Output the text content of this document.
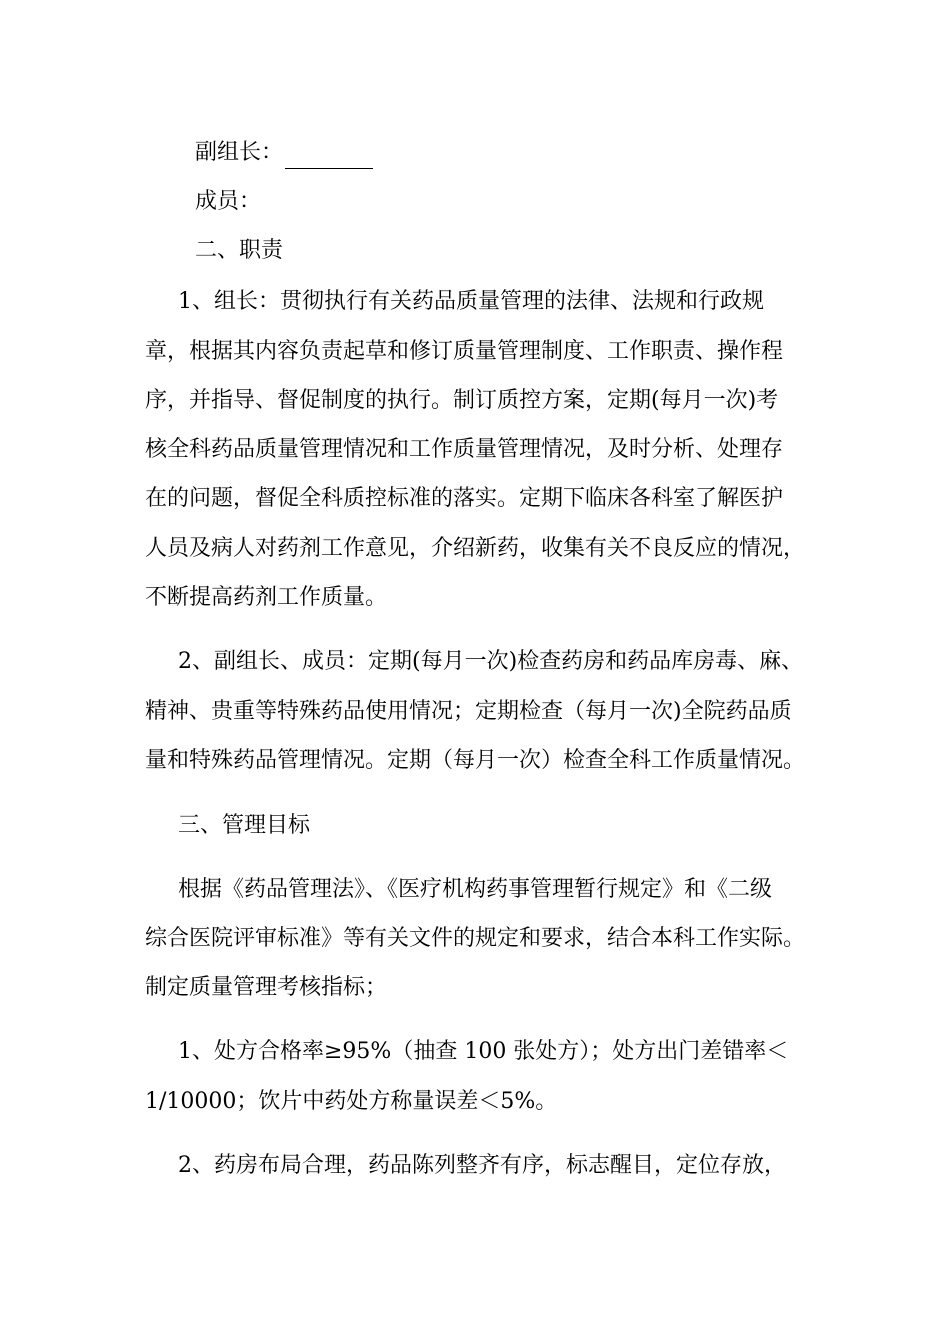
副组长：
成员：
二、职责
1、组长：贯彻执行有关药品质量管理的法律、法规和行政规
章，根据其内容负责起草和修订质量管理制度、工作职责、操作程
序，并指导、督促制度的执行。制订质控方案，定期(每月一次)考
核全科药品质量管理情况和工作质量管理情况，及时分析、处理存
在的问题，督促全科质控标准的落实。定期下临床各科室了解医护
人员及病人对药剂工作意见，介绍新药，收集有关不良反应的情况，
不断提高药剂工作质量。
2、副组长、成员：定期(每月一次)检查药房和药品库房毒、麻、
精神、贵重等特殊药品使用情况；定期检查（每月一次)全院药品质
量和特殊药品管理情况。定期（每月一次）检查全科工作质量情况。
三、管理目标
根据《药品管理法》、《医疗机构药事管理暂行规定》和《二级
综合医院评审标准》等有关文件的规定和要求，结合本科工作实际。
制定质量管理考核指标；
1、处方合格率≥95%（抽查 100 张处方）；处方出门差错率＜
1/10000；饮片中药处方称量误差＜5%。
2、药房布局合理，药品陈列整齐有序，标志醒目，定位存放，
